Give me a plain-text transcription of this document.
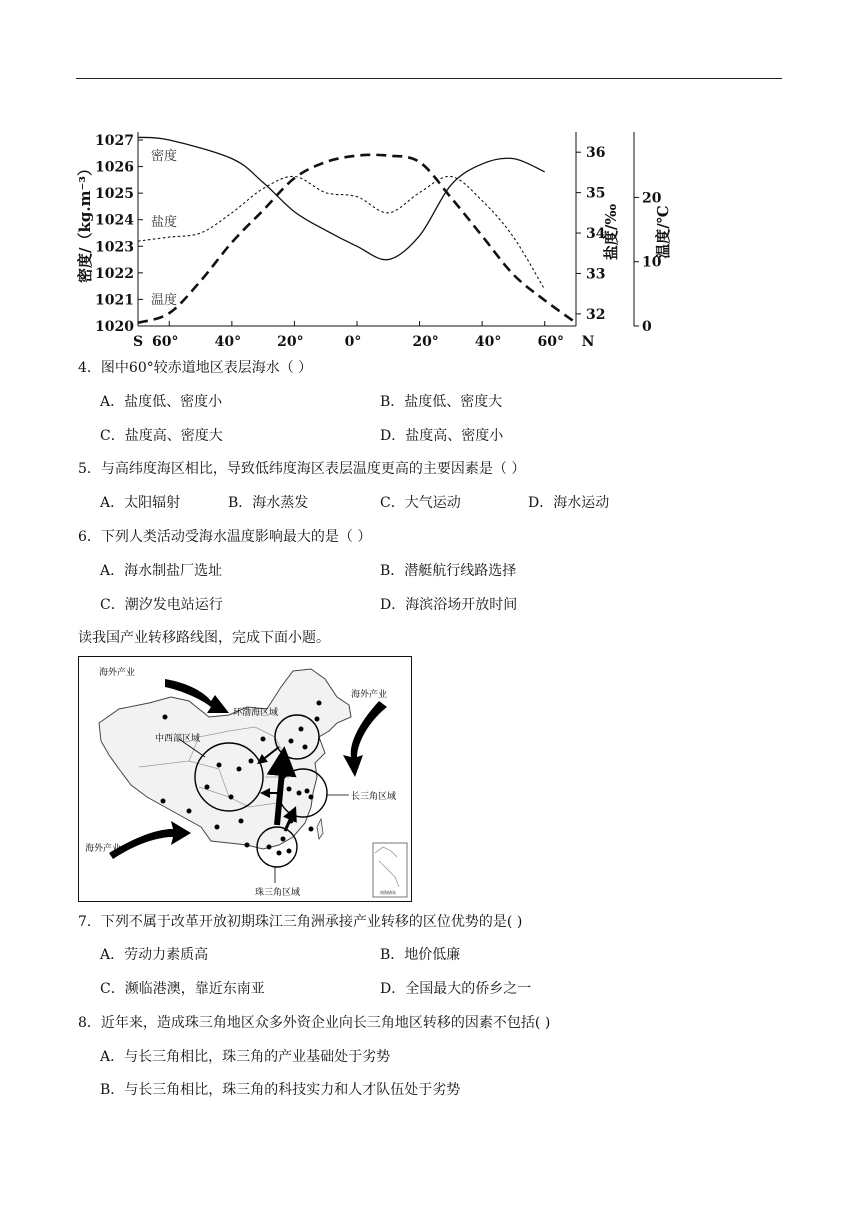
S 60°	40°	20°	0°	20°	40°	60° N
1020
1021
1022
1023
1024
1025
1026
1027
32
33
34
35
36
0
10
20
密度/（kg.m⁻³）	盐度/‰ 温度/℃
密度
盐度
温度
4．图中60°较赤道地区表层海水（ ）
A．盐度低、密度小	B．盐度低、密度大
C．盐度高、密度大	D．盐度高、密度小
5．与高纬度海区相比，导致低纬度海区表层温度更高的主要因素是（ ）
A．太阳辐射	B．海水蒸发	C．大气运动	D．海水运动
6．下列人类活动受海水温度影响最大的是（ ）
A．海水制盐厂选址	B．潜艇航行线路选择
C．潮汐发电站运行	D．海滨浴场开放时间
读我国产业转移路线图，完成下面小题。
海外产业
海外产业
海外产业
环渤海区域
中西部区域
长三角区域
珠三角区域	南海诸岛
7．下列不属于改革开放初期珠江三角洲承接产业转移的区位优势的是( )
A．劳动力素质高	B．地价低廉
C．濒临港澳，靠近东南亚	D．全国最大的侨乡之一
8．近年来，造成珠三角地区众多外资企业向长三角地区转移的因素不包括( )
A．与长三角相比，珠三角的产业基础处于劣势
B．与长三角相比，珠三角的科技实力和人才队伍处于劣势
